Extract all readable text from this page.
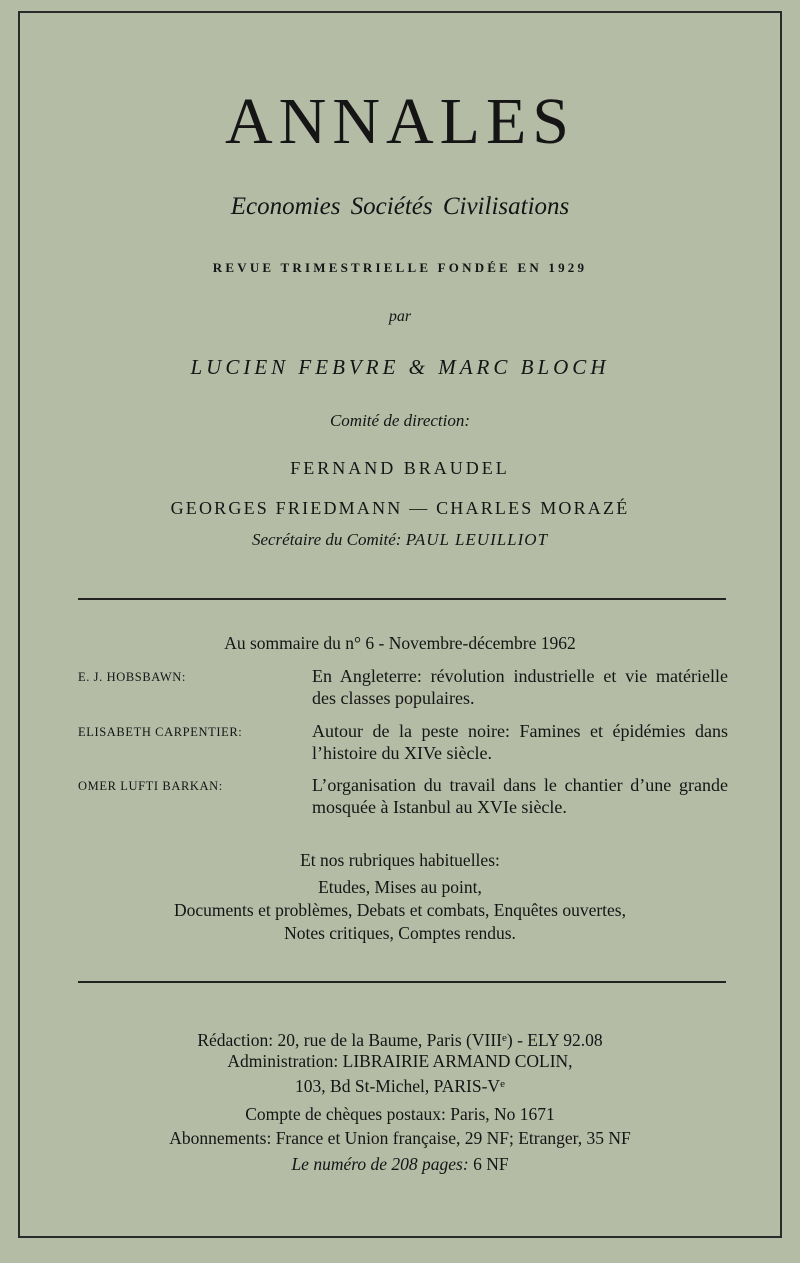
ANNALES
Economies Sociétés Civilisations
REVUE TRIMESTRIELLE FONDÉE EN 1929
par
LUCIEN FEBVRE & MARC BLOCH
Comité de direction:
FERNAND BRAUDEL
GEORGES FRIEDMANN — CHARLES MORAZÉ
Secrétaire du Comité: PAUL LEUILLIOT
Au sommaire du n° 6 - Novembre-décembre 1962
E. J. HOBSBAWN:	En Angleterre: révolution industrielle et vie matérielle des classes populaires.
ELISABETH CARPENTIER:	Autour de la peste noire: Famines et épidémies dans l’histoire du XIVe siècle.
OMER LUFTI BARKAN:	L’organisation du travail dans le chantier d’une grande mosquée à Istanbul au XVIe siècle.
Et nos rubriques habituelles:
Etudes, Mises au point,
Documents et problèmes, Debats et combats, Enquêtes ouvertes,
Notes critiques, Comptes rendus.
Rédaction: 20, rue de la Baume, Paris (VIIIe) - ELY 92.08
Administration: LIBRAIRIE ARMAND COLIN,
103, Bd St-Michel, PARIS-Ve
Compte de chèques postaux: Paris, No 1671
Abonnements: France et Union française, 29 NF; Etranger, 35 NF
Le numéro de 208 pages: 6 NF
